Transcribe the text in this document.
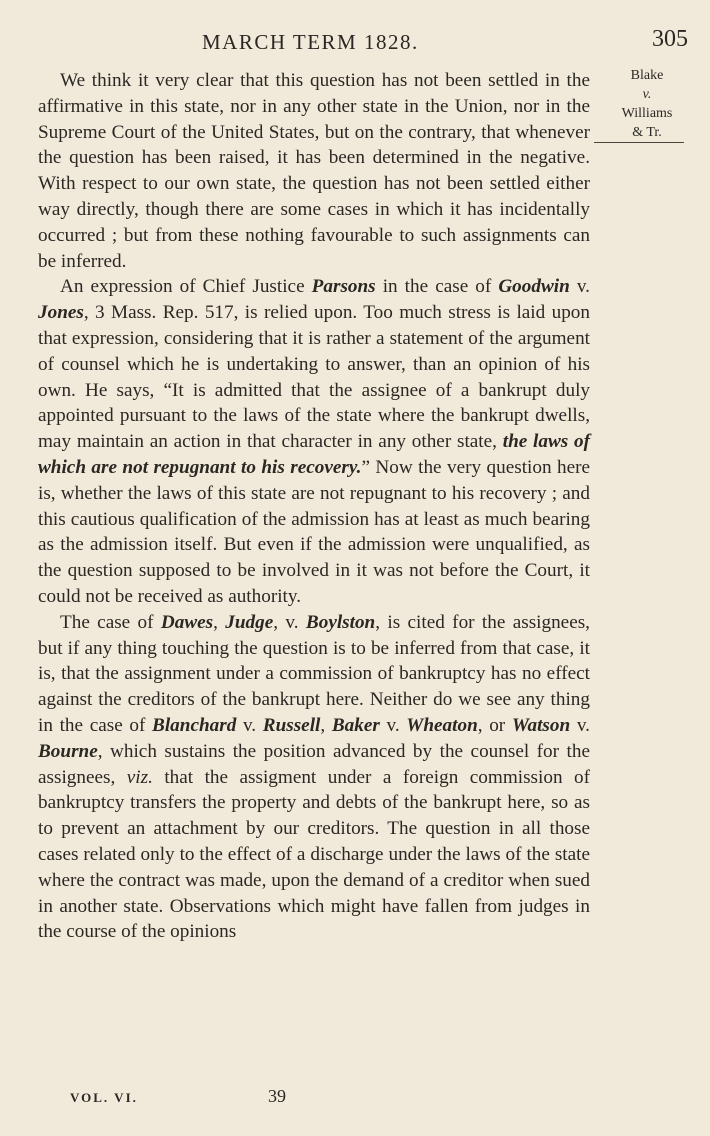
MARCH TERM 1828.	305
Blake
v.
Williams
& Tr.

We think it very clear that this question has not been settled in the affirmative in this state, nor in any other state in the Union, nor in the Supreme Court of the United States, but on the contrary, that whenever the question has been raised, it has been determined in the negative. With respect to our own state, the question has not been settled either way directly, though there are some cases in which it has incidentally occurred ; but from these nothing favourable to such assignments can be inferred.

An expression of Chief Justice Parsons in the case of Goodwin v. Jones, 3 Mass. Rep. 517, is relied upon. Too much stress is laid upon that expression, considering that it is rather a statement of the argument of counsel which he is undertaking to answer, than an opinion of his own. He says, “It is admitted that the assignee of a bankrupt duly appointed pursuant to the laws of the state where the bankrupt dwells, may maintain an action in that character in any other state, the laws of which are not repugnant to his recovery.” Now the very question here is, whether the laws of this state are not repugnant to his recovery ; and this cautious qualification of the admission has at least as much bearing as the admission itself. But even if the admission were unqualified, as the question supposed to be involved in it was not before the Court, it could not be received as authority.

The case of Dawes, Judge, v. Boylston, is cited for the assignees, but if any thing touching the question is to be inferred from that case, it is, that the assignment under a commission of bankruptcy has no effect against the creditors of the bankrupt here. Neither do we see any thing in the case of Blanchard v. Russell, Baker v. Wheaton, or Watson v. Bourne, which sustains the position advanced by the counsel for the assignees, viz. that the assigment under a foreign commission of bankruptcy transfers the property and debts of the bankrupt here, so as to prevent an attachment by our creditors. The question in all those cases related only to the effect of a discharge under the laws of the state where the contract was made, upon the demand of a creditor when sued in another state. Observations which might have fallen from judges in the course of the opinions

VOL. VI.	39
